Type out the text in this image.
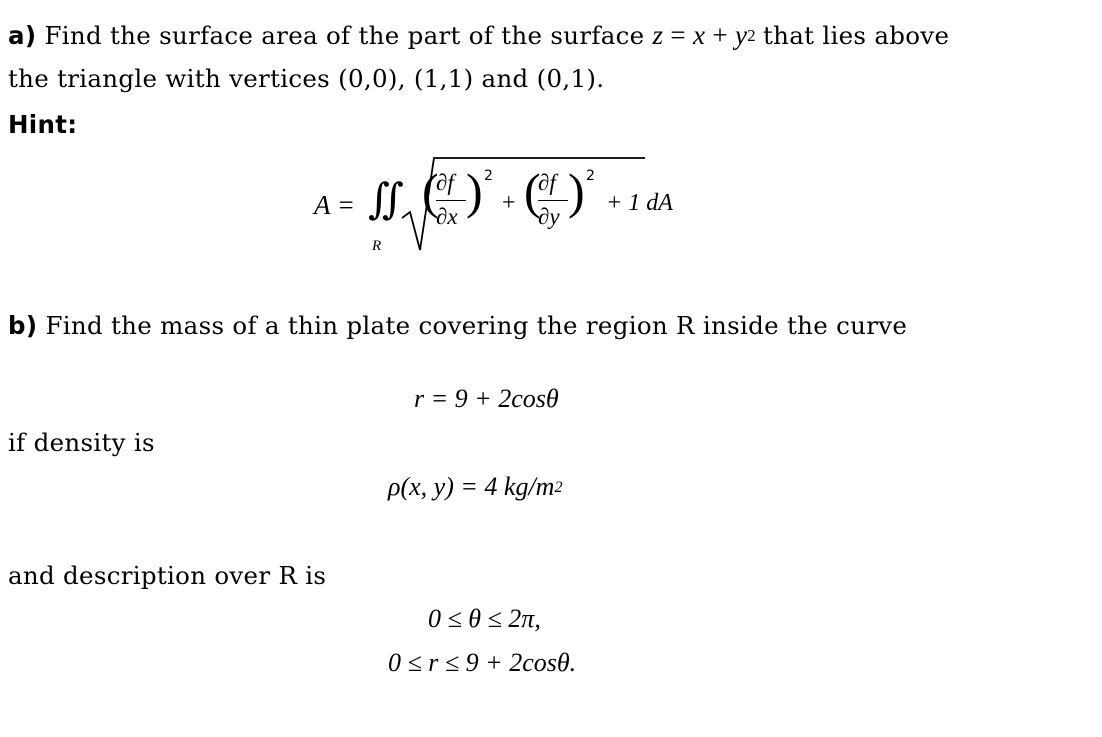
a) Find the surface area of the part of the surface $z = x + y^2$ that lies above
the triangle with vertices (0,0), (1,1) and (0,1).
Hint:
A = ∬
R
(
∂f
∂x ) 2
+ (
∂f
∂y ) 2
+ 1 dA
b) Find the mass of a thin plate covering the region R inside the curve
r = 9 + 2cosθ
if density is
ρ(x, y) = 4 $kg/m^2$
and description over R is
0 ≤ θ ≤ 2π,
0 ≤ r ≤ 9 + 2cosθ.
